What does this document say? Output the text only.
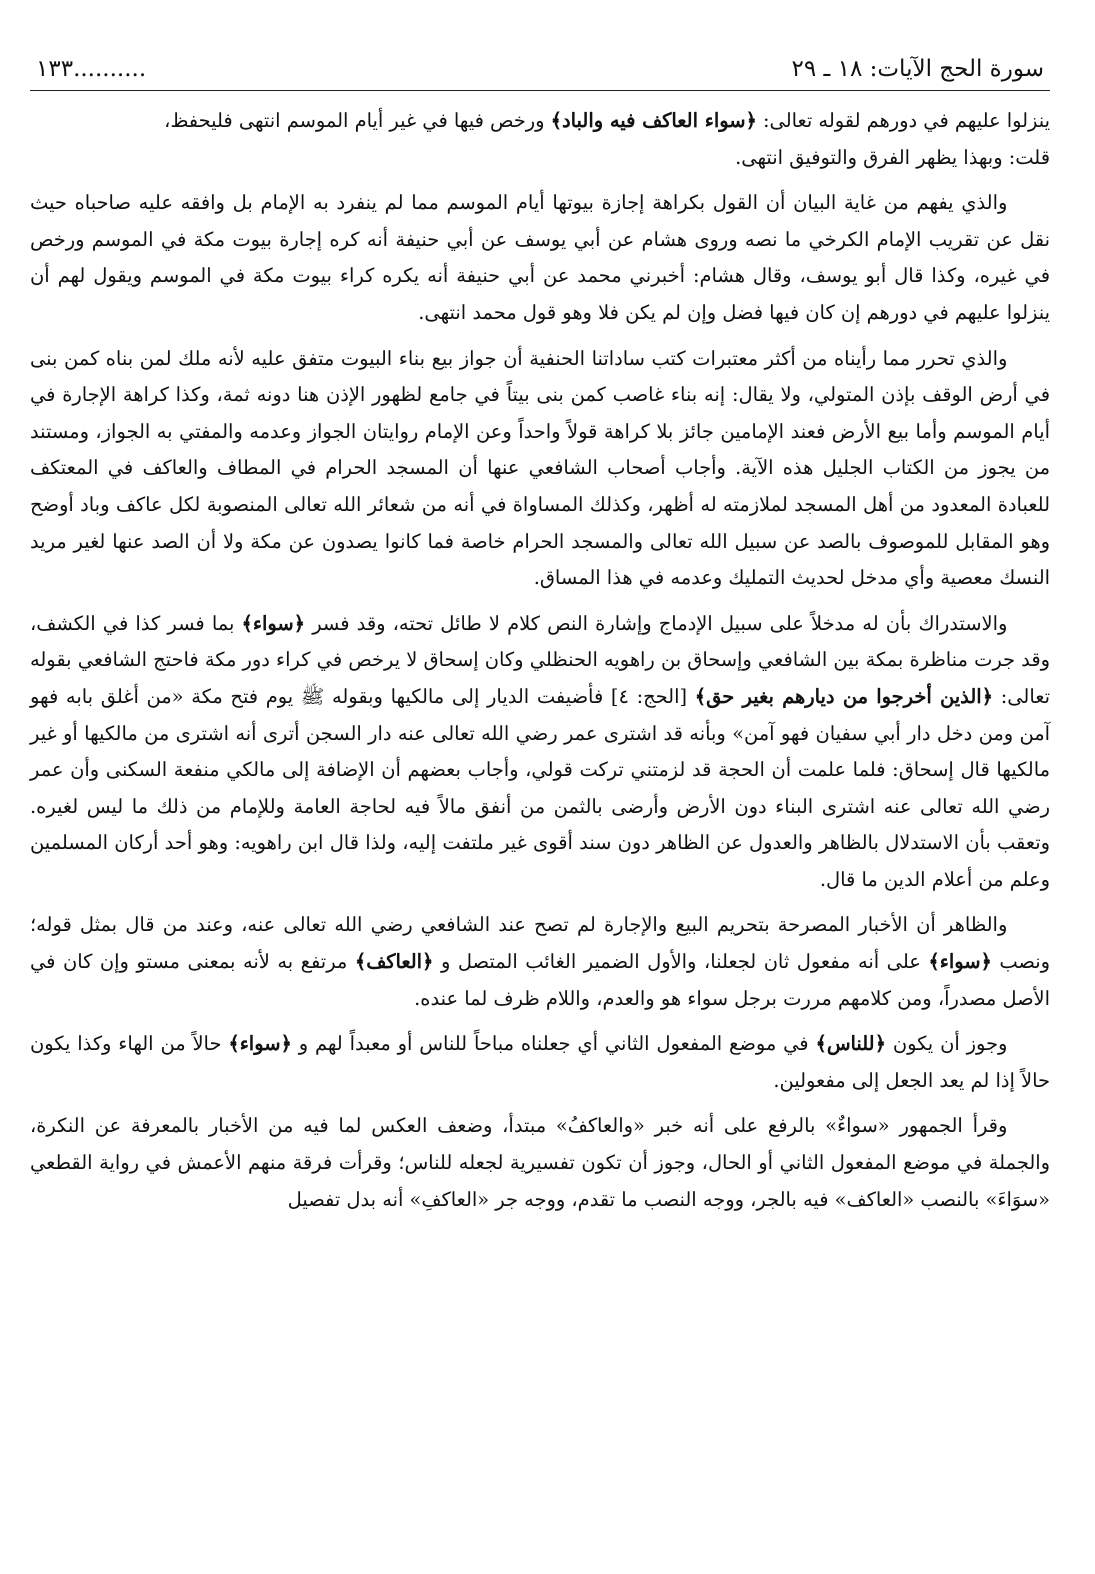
سورة الحج الآيات: ١٨ ـ ٢٩
..........١٣٣

ينزلوا عليهم في دورهم لقوله تعالى: ﴿سواء العاكف فيه والباد﴾ ورخص فيها في غير أيام الموسم انتهى فليحفظ،

قلت: وبهذا يظهر الفرق والتوفيق انتهى.

والذي يفهم من غاية البيان أن القول بكراهة إجازة بيوتها أيام الموسم مما لم ينفرد به الإمام بل وافقه عليه صاحباه حيث نقل عن تقريب الإمام الكرخي ما نصه وروى هشام عن أبي يوسف عن أبي حنيفة أنه كره إجارة بيوت مكة في الموسم ورخص في غيره، وكذا قال أبو يوسف، وقال هشام: أخبرني محمد عن أبي حنيفة أنه يكره كراء بيوت مكة في الموسم ويقول لهم أن ينزلوا عليهم في دورهم إن كان فيها فضل وإن لم يكن فلا وهو قول محمد انتهى.

والذي تحرر مما رأيناه من أكثر معتبرات كتب ساداتنا الحنفية أن جواز بيع بناء البيوت متفق عليه لأنه ملك لمن بناه كمن بنى في أرض الوقف بإذن المتولي، ولا يقال: إنه بناء غاصب كمن بنى بيتاً في جامع لظهور الإذن هنا دونه ثمة، وكذا كراهة الإجارة في أيام الموسم وأما بيع الأرض فعند الإمامين جائز بلا كراهة قولاً واحداً وعن الإمام روايتان الجواز وعدمه والمفتي به الجواز، ومستند من يجوز من الكتاب الجليل هذه الآية. وأجاب أصحاب الشافعي عنها أن المسجد الحرام في المطاف والعاكف في المعتكف للعبادة المعدود من أهل المسجد لملازمته له أظهر، وكذلك المساواة في أنه من شعائر الله تعالى المنصوبة لكل عاكف وباد أوضح وهو المقابل للموصوف بالصد عن سبيل الله تعالى والمسجد الحرام خاصة فما كانوا يصدون عن مكة ولا أن الصد عنها لغير مريد النسك معصية وأي مدخل لحديث التمليك وعدمه في هذا المساق.

والاستدراك بأن له مدخلاً على سبيل الإدماج وإشارة النص كلام لا طائل تحته، وقد فسر ﴿سواء﴾ بما فسر كذا في الكشف، وقد جرت مناظرة بمكة بين الشافعي وإسحاق بن راهويه الحنظلي وكان إسحاق لا يرخص في كراء دور مكة فاحتج الشافعي بقوله تعالى: ﴿الذين أخرجوا من ديارهم بغير حق﴾ [الحج: ٤] فأضيفت الديار إلى مالكيها وبقوله ﷺ يوم فتح مكة «من أغلق بابه فهو آمن ومن دخل دار أبي سفيان فهو آمن» وبأنه قد اشترى عمر رضي الله تعالى عنه دار السجن أترى أنه اشترى من مالكيها أو غير مالكيها قال إسحاق: فلما علمت أن الحجة قد لزمتني تركت قولي، وأجاب بعضهم أن الإضافة إلى مالكي منفعة السكنى وأن عمر رضي الله تعالى عنه اشترى البناء دون الأرض وأرضى بالثمن من أنفق مالاً فيه لحاجة العامة وللإمام من ذلك ما ليس لغيره. وتعقب بأن الاستدلال بالظاهر والعدول عن الظاهر دون سند أقوى غير ملتفت إليه، ولذا قال ابن راهويه: وهو أحد أركان المسلمين وعلم من أعلام الدين ما قال.

والظاهر أن الأخبار المصرحة بتحريم البيع والإجارة لم تصح عند الشافعي رضي الله تعالى عنه، وعند من قال بمثل قوله؛ ونصب ﴿سواء﴾ على أنه مفعول ثان لجعلنا، والأول الضمير الغائب المتصل و ﴿العاكف﴾ مرتفع به لأنه بمعنى مستو وإن كان في الأصل مصدراً، ومن كلامهم مررت برجل سواء هو والعدم، واللام ظرف لما عنده.

وجوز أن يكون ﴿للناس﴾ في موضع المفعول الثاني أي جعلناه مباحاً للناس أو معبداً لهم و ﴿سواء﴾ حالاً من الهاء وكذا يكون حالاً إذا لم يعد الجعل إلى مفعولين.

وقرأ الجمهور «سواءٌ» بالرفع على أنه خبر «والعاكفُ» مبتدأ، وضعف العكس لما فيه من الأخبار بالمعرفة عن النكرة، والجملة في موضع المفعول الثاني أو الحال، وجوز أن تكون تفسيرية لجعله للناس؛ وقرأت فرقة منهم الأعمش في رواية القطعي «سوَاءَ» بالنصب «العاكف» فيه بالجر، ووجه النصب ما تقدم، ووجه جر «العاكفِ» أنه بدل تفصيل
